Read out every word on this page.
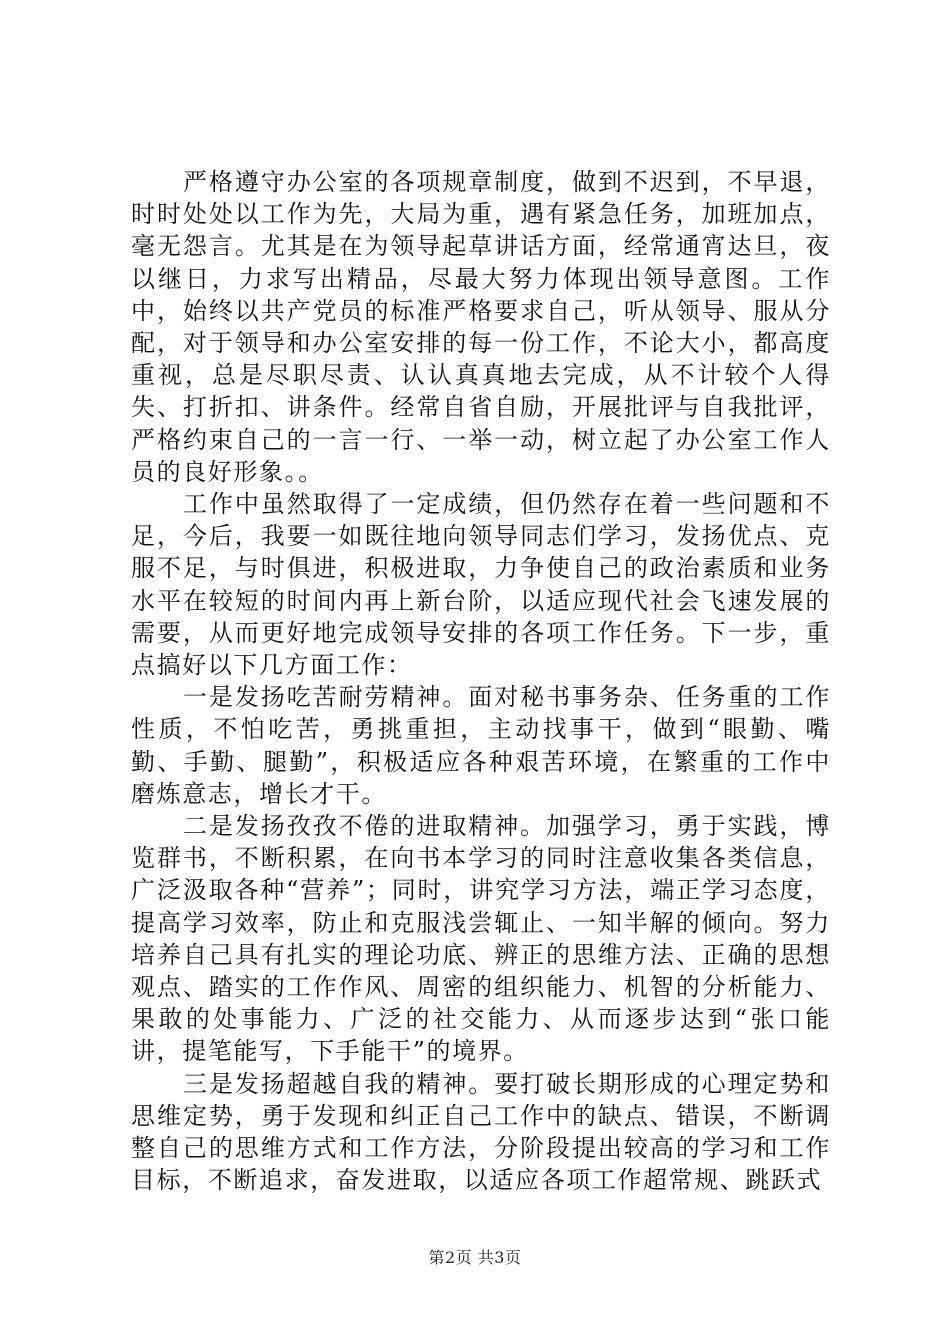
严格遵守办公室的各项规章制度，做到不迟到，不早退，时时处处以工作为先，大局为重，遇有紧急任务，加班加点，毫无怨言。尤其是在为领导起草讲话方面，经常通宵达旦，夜以继日，力求写出精品，尽最大努力体现出领导意图。工作中，始终以共产党员的标准严格要求自己，听从领导、服从分配，对于领导和办公室安排的每一份工作，不论大小，都高度重视，总是尽职尽责、认认真真地去完成，从不计较个人得失、打折扣、讲条件。经常自省自励，开展批评与自我批评，严格约束自己的一言一行、一举一动，树立起了办公室工作人员的良好形象。。

工作中虽然取得了一定成绩，但仍然存在着一些问题和不足，今后，我要一如既往地向领导同志们学习，发扬优点、克服不足，与时俱进，积极进取，力争使自己的政治素质和业务水平在较短的时间内再上新台阶，以适应现代社会飞速发展的需要，从而更好地完成领导安排的各项工作任务。下一步，重点搞好以下几方面工作：

一是发扬吃苦耐劳精神。面对秘书事务杂、任务重的工作性质，不怕吃苦，勇挑重担，主动找事干，做到“眼勤、嘴勤、手勤、腿勤”，积极适应各种艰苦环境，在繁重的工作中磨炼意志，增长才干。

二是发扬孜孜不倦的进取精神。加强学习，勇于实践，博览群书，不断积累，在向书本学习的同时注意收集各类信息，广泛汲取各种“营养”；同时，讲究学习方法，端正学习态度，提高学习效率，防止和克服浅尝辄止、一知半解的倾向。努力培养自己具有扎实的理论功底、辨正的思维方法、正确的思想观点、踏实的工作作风、周密的组织能力、机智的分析能力、果敢的处事能力、广泛的社交能力、从而逐步达到“张口能讲，提笔能写，下手能干”的境界。

三是发扬超越自我的精神。要打破长期形成的心理定势和思维定势，勇于发现和纠正自己工作中的缺点、错误，不断调整自己的思维方式和工作方法，分阶段提出较高的学习和工作目标，不断追求，奋发进取，以适应各项工作超常规、跳跃式

第2页 共3页
